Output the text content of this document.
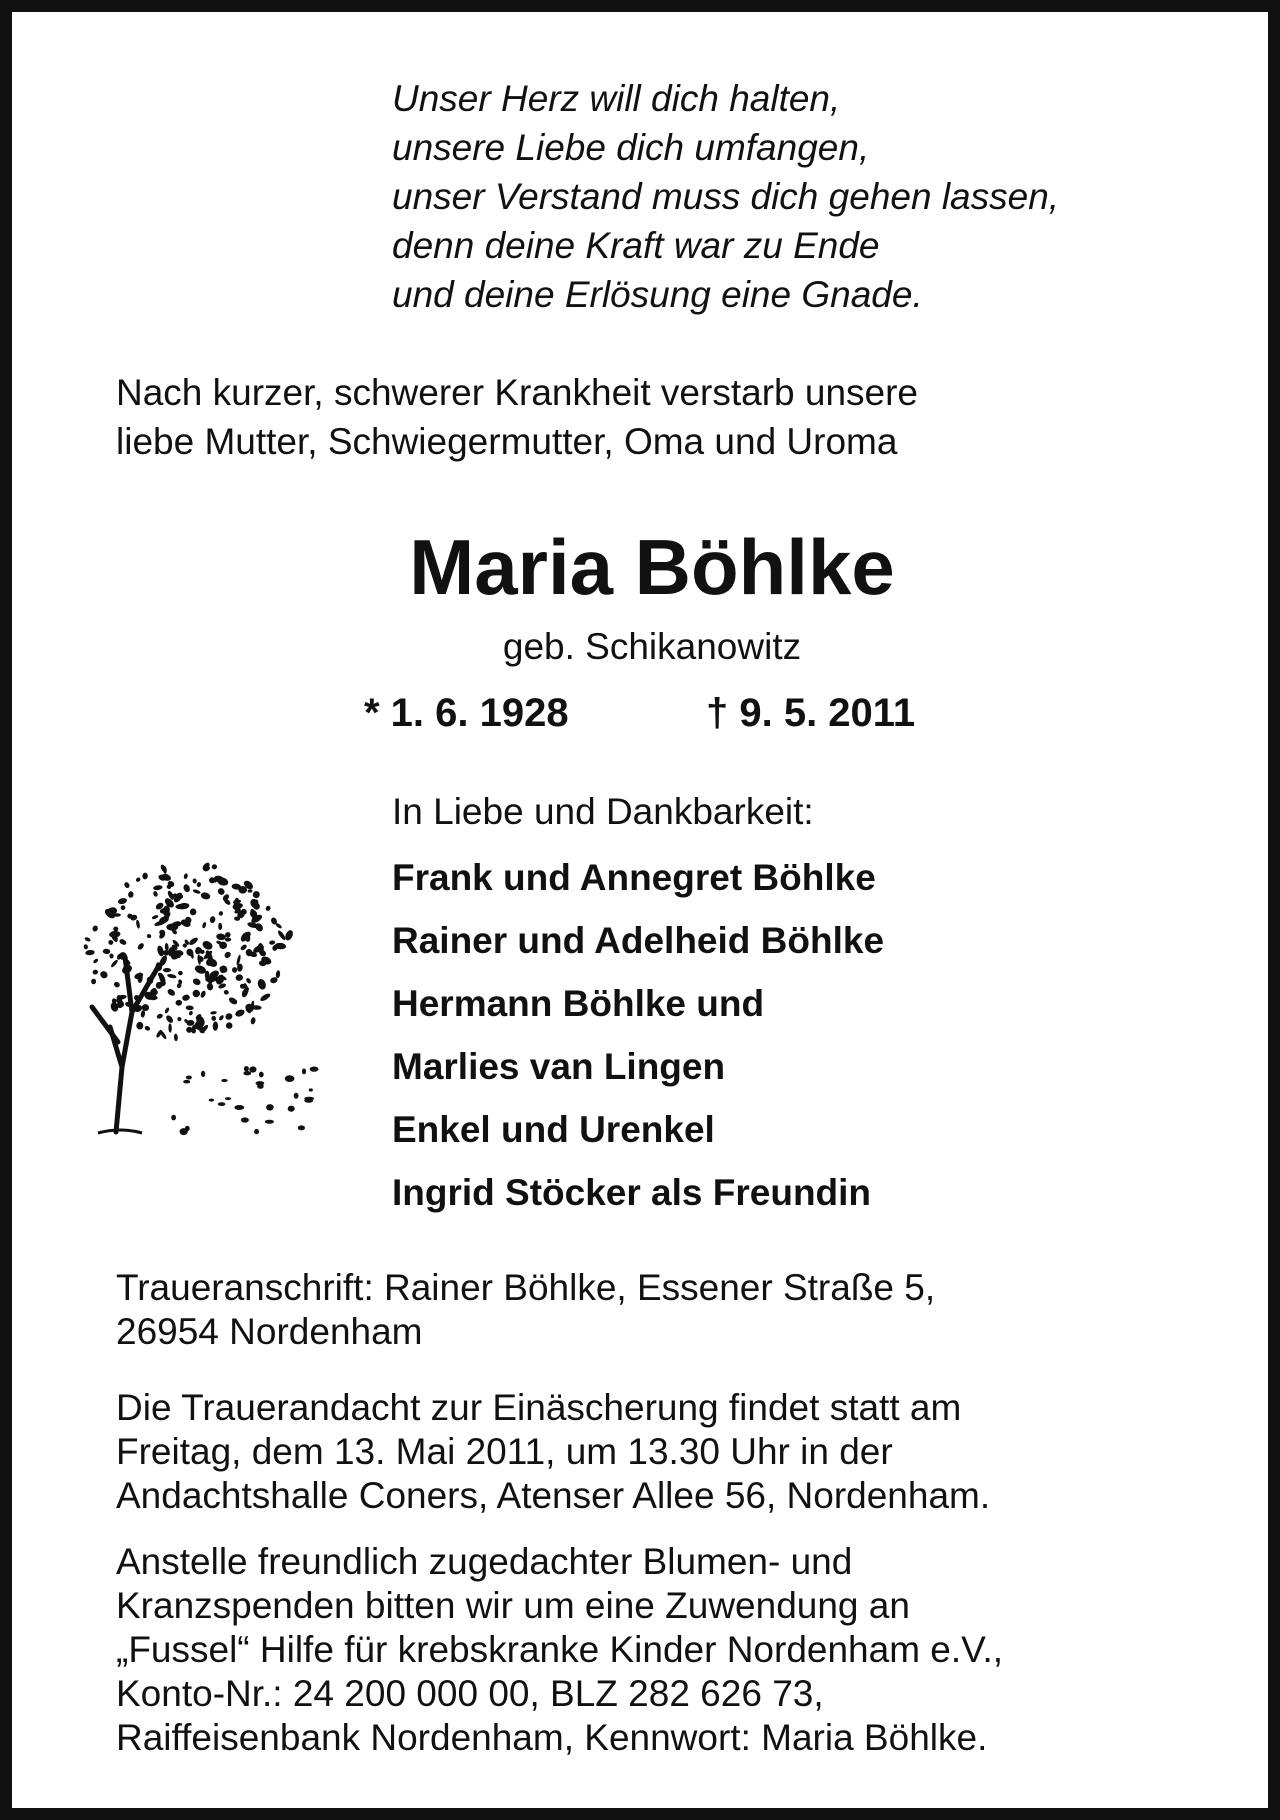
Unser Herz will dich halten,
unsere Liebe dich umfangen,
unser Verstand muss dich gehen lassen,
denn deine Kraft war zu Ende
und deine Erlösung eine Gnade.
Nach kurzer, schwerer Krankheit verstarb unsere
liebe Mutter, Schwiegermutter, Oma und Uroma
Maria Böhlke
geb. Schikanowitz
* 1. 6. 1928	† 9. 5. 2011
In Liebe und Dankbarkeit:
Frank und Annegret Böhlke
Rainer und Adelheid Böhlke
Hermann Böhlke und
Marlies van Lingen
Enkel und Urenkel
Ingrid Stöcker als Freundin
Traueranschrift: Rainer Böhlke, Essener Straße 5,
26954 Nordenham
Die Trauerandacht zur Einäscherung findet statt am
Freitag, dem 13. Mai 2011, um 13.30 Uhr in der
Andachtshalle Coners, Atenser Allee 56, Nordenham.
Anstelle freundlich zugedachter Blumen- und
Kranzspenden bitten wir um eine Zuwendung an
„Fussel“ Hilfe für krebskranke Kinder Nordenham e.V.,
Konto-Nr.: 24 200 000 00, BLZ 282 626 73,
Raiffeisenbank Nordenham, Kennwort: Maria Böhlke.
